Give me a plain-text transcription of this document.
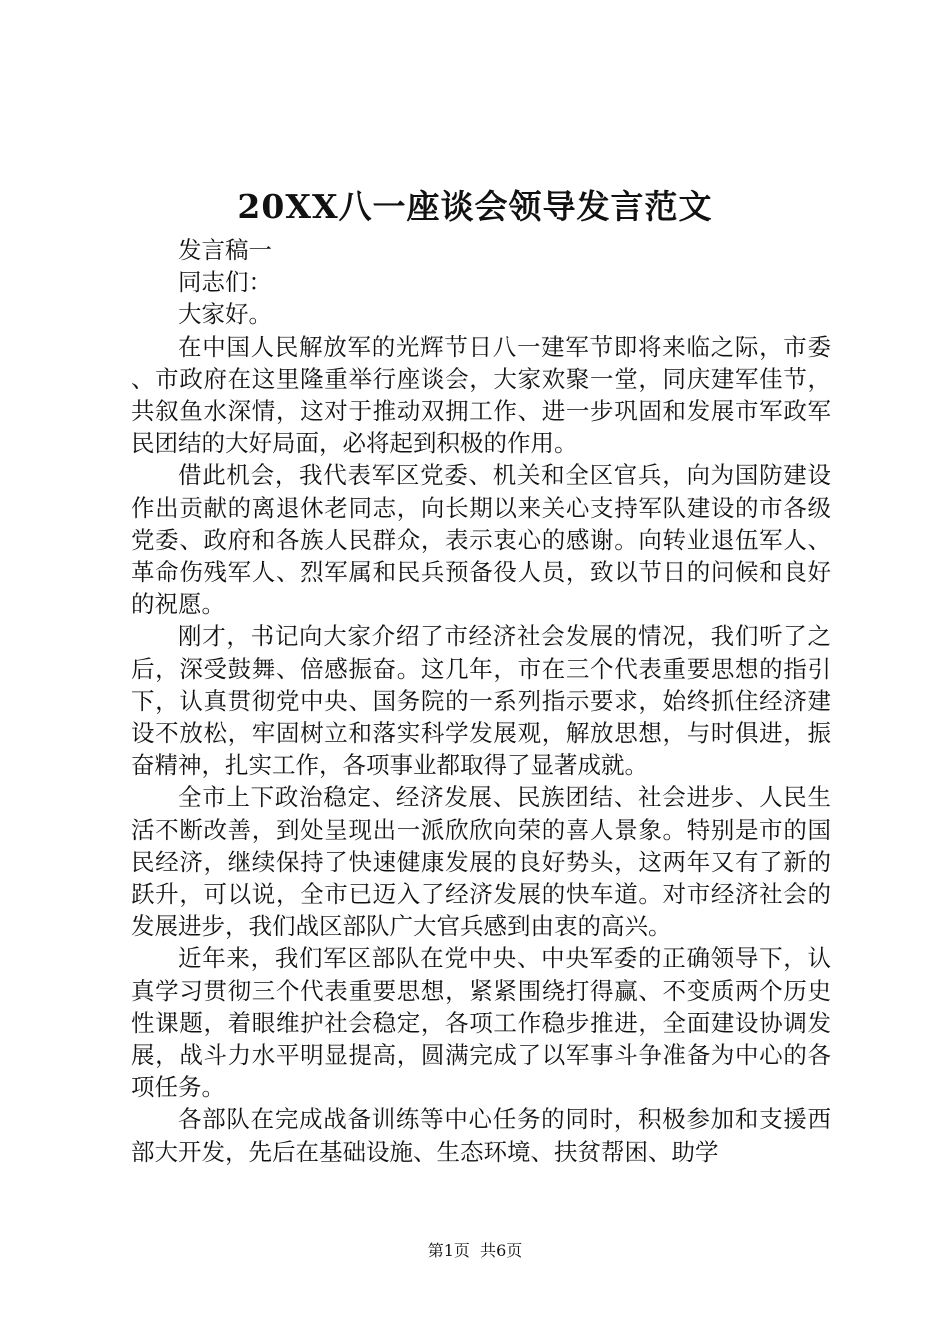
20XX八一座谈会领导发言范文

发言稿一

同志们：

大家好。

在中国人民解放军的光辉节日八一建军节即将来临之际，市委、市政府在这里隆重举行座谈会，大家欢聚一堂，同庆建军佳节，共叙鱼水深情，这对于推动双拥工作、进一步巩固和发展市军政军民团结的大好局面，必将起到积极的作用。

借此机会，我代表军区党委、机关和全区官兵，向为国防建设作出贡献的离退休老同志，向长期以来关心支持军队建设的市各级党委、政府和各族人民群众，表示衷心的感谢。向转业退伍军人、革命伤残军人、烈军属和民兵预备役人员，致以节日的问候和良好的祝愿。

刚才，书记向大家介绍了市经济社会发展的情况，我们听了之后，深受鼓舞、倍感振奋。这几年，市在三个代表重要思想的指引下，认真贯彻党中央、国务院的一系列指示要求，始终抓住经济建设不放松，牢固树立和落实科学发展观，解放思想，与时俱进，振奋精神，扎实工作，各项事业都取得了显著成就。

全市上下政治稳定、经济发展、民族团结、社会进步、人民生活不断改善，到处呈现出一派欣欣向荣的喜人景象。特别是市的国民经济，继续保持了快速健康发展的良好势头，这两年又有了新的跃升，可以说，全市已迈入了经济发展的快车道。对市经济社会的发展进步，我们战区部队广大官兵感到由衷的高兴。

近年来，我们军区部队在党中央、中央军委的正确领导下，认真学习贯彻三个代表重要思想，紧紧围绕打得赢、不变质两个历史性课题，着眼维护社会稳定，各项工作稳步推进，全面建设协调发展，战斗力水平明显提高，圆满完成了以军事斗争准备为中心的各项任务。

各部队在完成战备训练等中心任务的同时，积极参加和支援西部大开发，先后在基础设施、生态环境、扶贫帮困、助学

第1页 共6页
